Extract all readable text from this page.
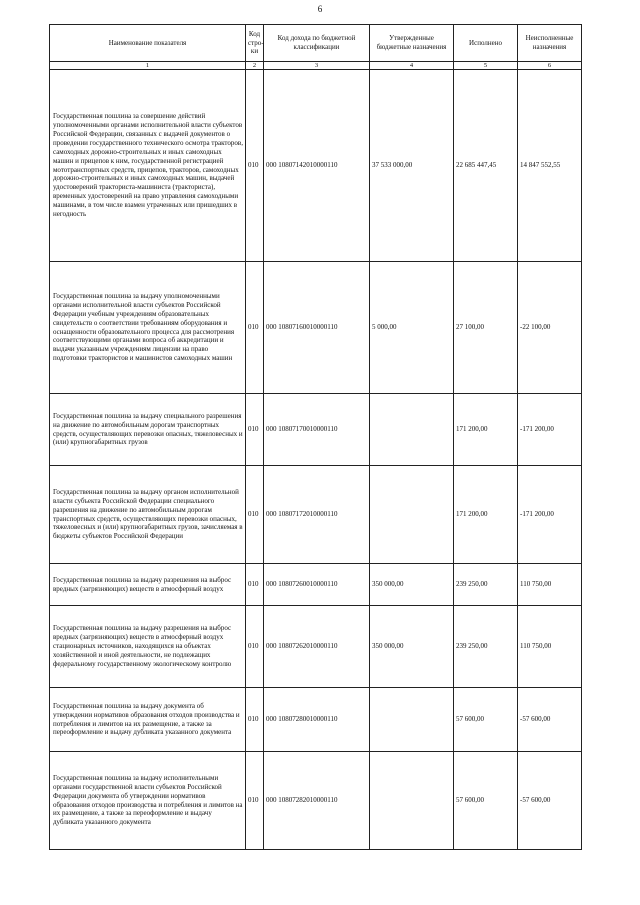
6
Наименование показателя	Код стро-ки	Код дохода по бюджетной классификации	Утвержденные бюджетные назначения	Исполнено	Неисполненные назначения
1	2	3	4	5	6
Государственная пошлина за совершение действий уполномоченными органами исполнительной власти субъектов Российской Федерации, связанных с выдачей документов о проведении государственного технического осмотра тракторов, самоходных дорожно-строительных и иных самоходных машин и прицепов к ним, государственной регистрацией мототранспортных средств, прицепов, тракторов, самоходных дорожно-строительных и иных самоходных машин, выдачей удостоверений тракториста-машиниста (тракториста), временных удостоверений на право управления самоходными машинами, в том числе взамен утраченных или пришедших в негодность	010	000 10807142010000110	37 533 000,00	22 685 447,45	14 847 552,55
Государственная пошлина за выдачу уполномоченными органами исполнительной власти субъектов Российской Федерации учебным учреждениям образовательных свидетельств о соответствии требованиям оборудования и оснащенности образовательного процесса для рассмотрения соответствующими органами вопроса об аккредитации и выдачи указанным учреждениям лицензии на право подготовки трактористов и машинистов самоходных машин	010	000 10807160010000110	5 000,00	27 100,00	-22 100,00
Государственная пошлина за выдачу специального разрешения на движение по автомобильным дорогам транспортных средств, осуществляющих перевозки опасных, тяжеловесных и (или) крупногабаритных грузов	010	000 10807170010000110		171 200,00	-171 200,00
Государственная пошлина за выдачу органом исполнительной власти субъекта Российской Федерации специального разрешения на движение по автомобильным дорогам транспортных средств, осуществляющих перевозки опасных, тяжеловесных и (или) крупногабаритных грузов, зачисляемая в бюджеты субъектов Российской Федерации	010	000 10807172010000110		171 200,00	-171 200,00
Государственная пошлина за выдачу разрешения на выброс вредных (загрязняющих) веществ в атмосферный воздух	010	000 10807260010000110	350 000,00	239 250,00	110 750,00
Государственная пошлина за выдачу разрешения на выброс вредных (загрязняющих) веществ в атмосферный воздух стационарных источников, находящихся на объектах хозяйственной и иной деятельности, не подлежащих федеральному государственному экологическому контролю	010	000 10807262010000110	350 000,00	239 250,00	110 750,00
Государственная пошлина за выдачу документа об утверждении нормативов образования отходов производства и потребления и лимитов на их размещение, а также за переоформление и выдачу дубликата указанного документа	010	000 10807280010000110		57 600,00	-57 600,00
Государственная пошлина за выдачу исполнительными органами государственной власти субъектов Российской Федерации документа об утверждении нормативов образования отходов производства и потребления и лимитов на их размещение, а также за переоформление и выдачу дубликата указанного документа	010	000 10807282010000110		57 600,00	-57 600,00
